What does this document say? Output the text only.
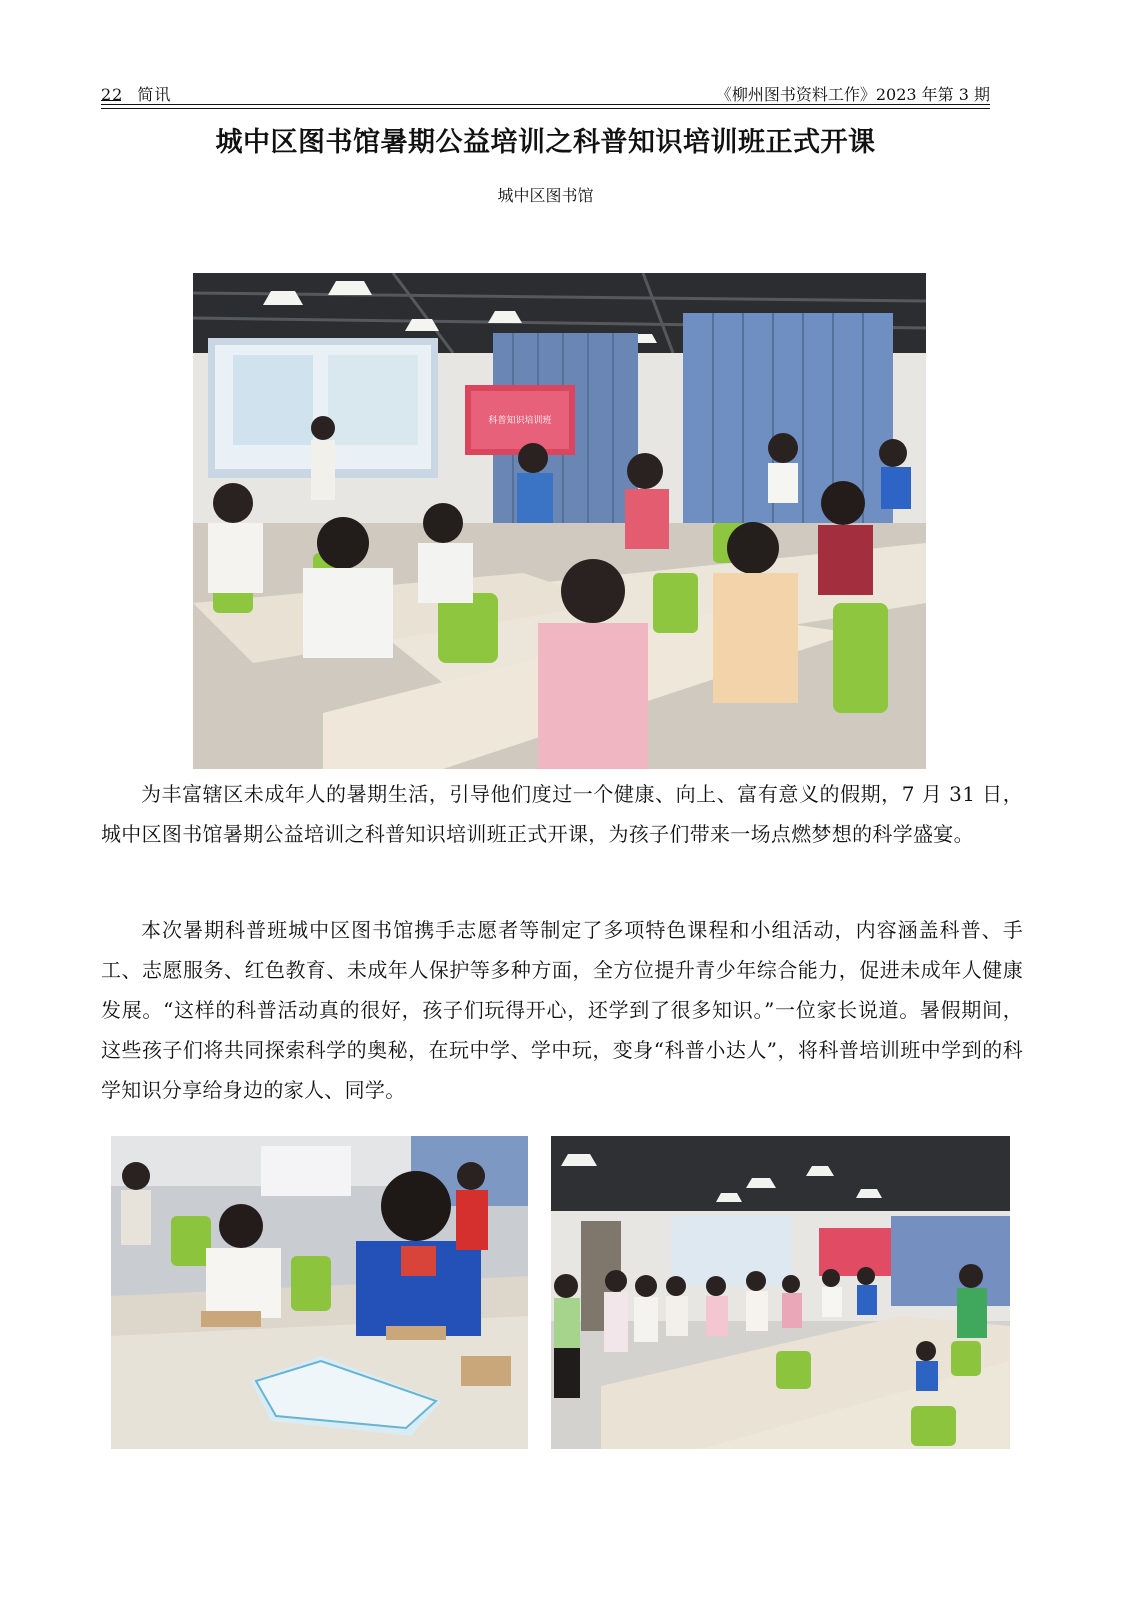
22 简讯	《柳州图书资料工作》2023 年第 3 期
城中区图书馆暑期公益培训之科普知识培训班正式开课
城中区图书馆
科普知识培训班

为丰富辖区未成年人的暑期生活，引导他们度过一个健康、向上、富有意义的假期，7 月 31 日，城中区图书馆暑期公益培训之科普知识培训班正式开课，为孩子们带来一场点燃梦想的科学盛宴。

本次暑期科普班城中区图书馆携手志愿者等制定了多项特色课程和小组活动，内容涵盖科普、手工、志愿服务、红色教育、未成年人保护等多种方面，全方位提升青少年综合能力，促进未成年人健康发展。“这样的科普活动真的很好，孩子们玩得开心，还学到了很多知识。”一位家长说道。暑假期间，这些孩子们将共同探索科学的奥秘，在玩中学、学中玩，变身“科普小达人”，将科普培训班中学到的科学知识分享给身边的家人、同学。
